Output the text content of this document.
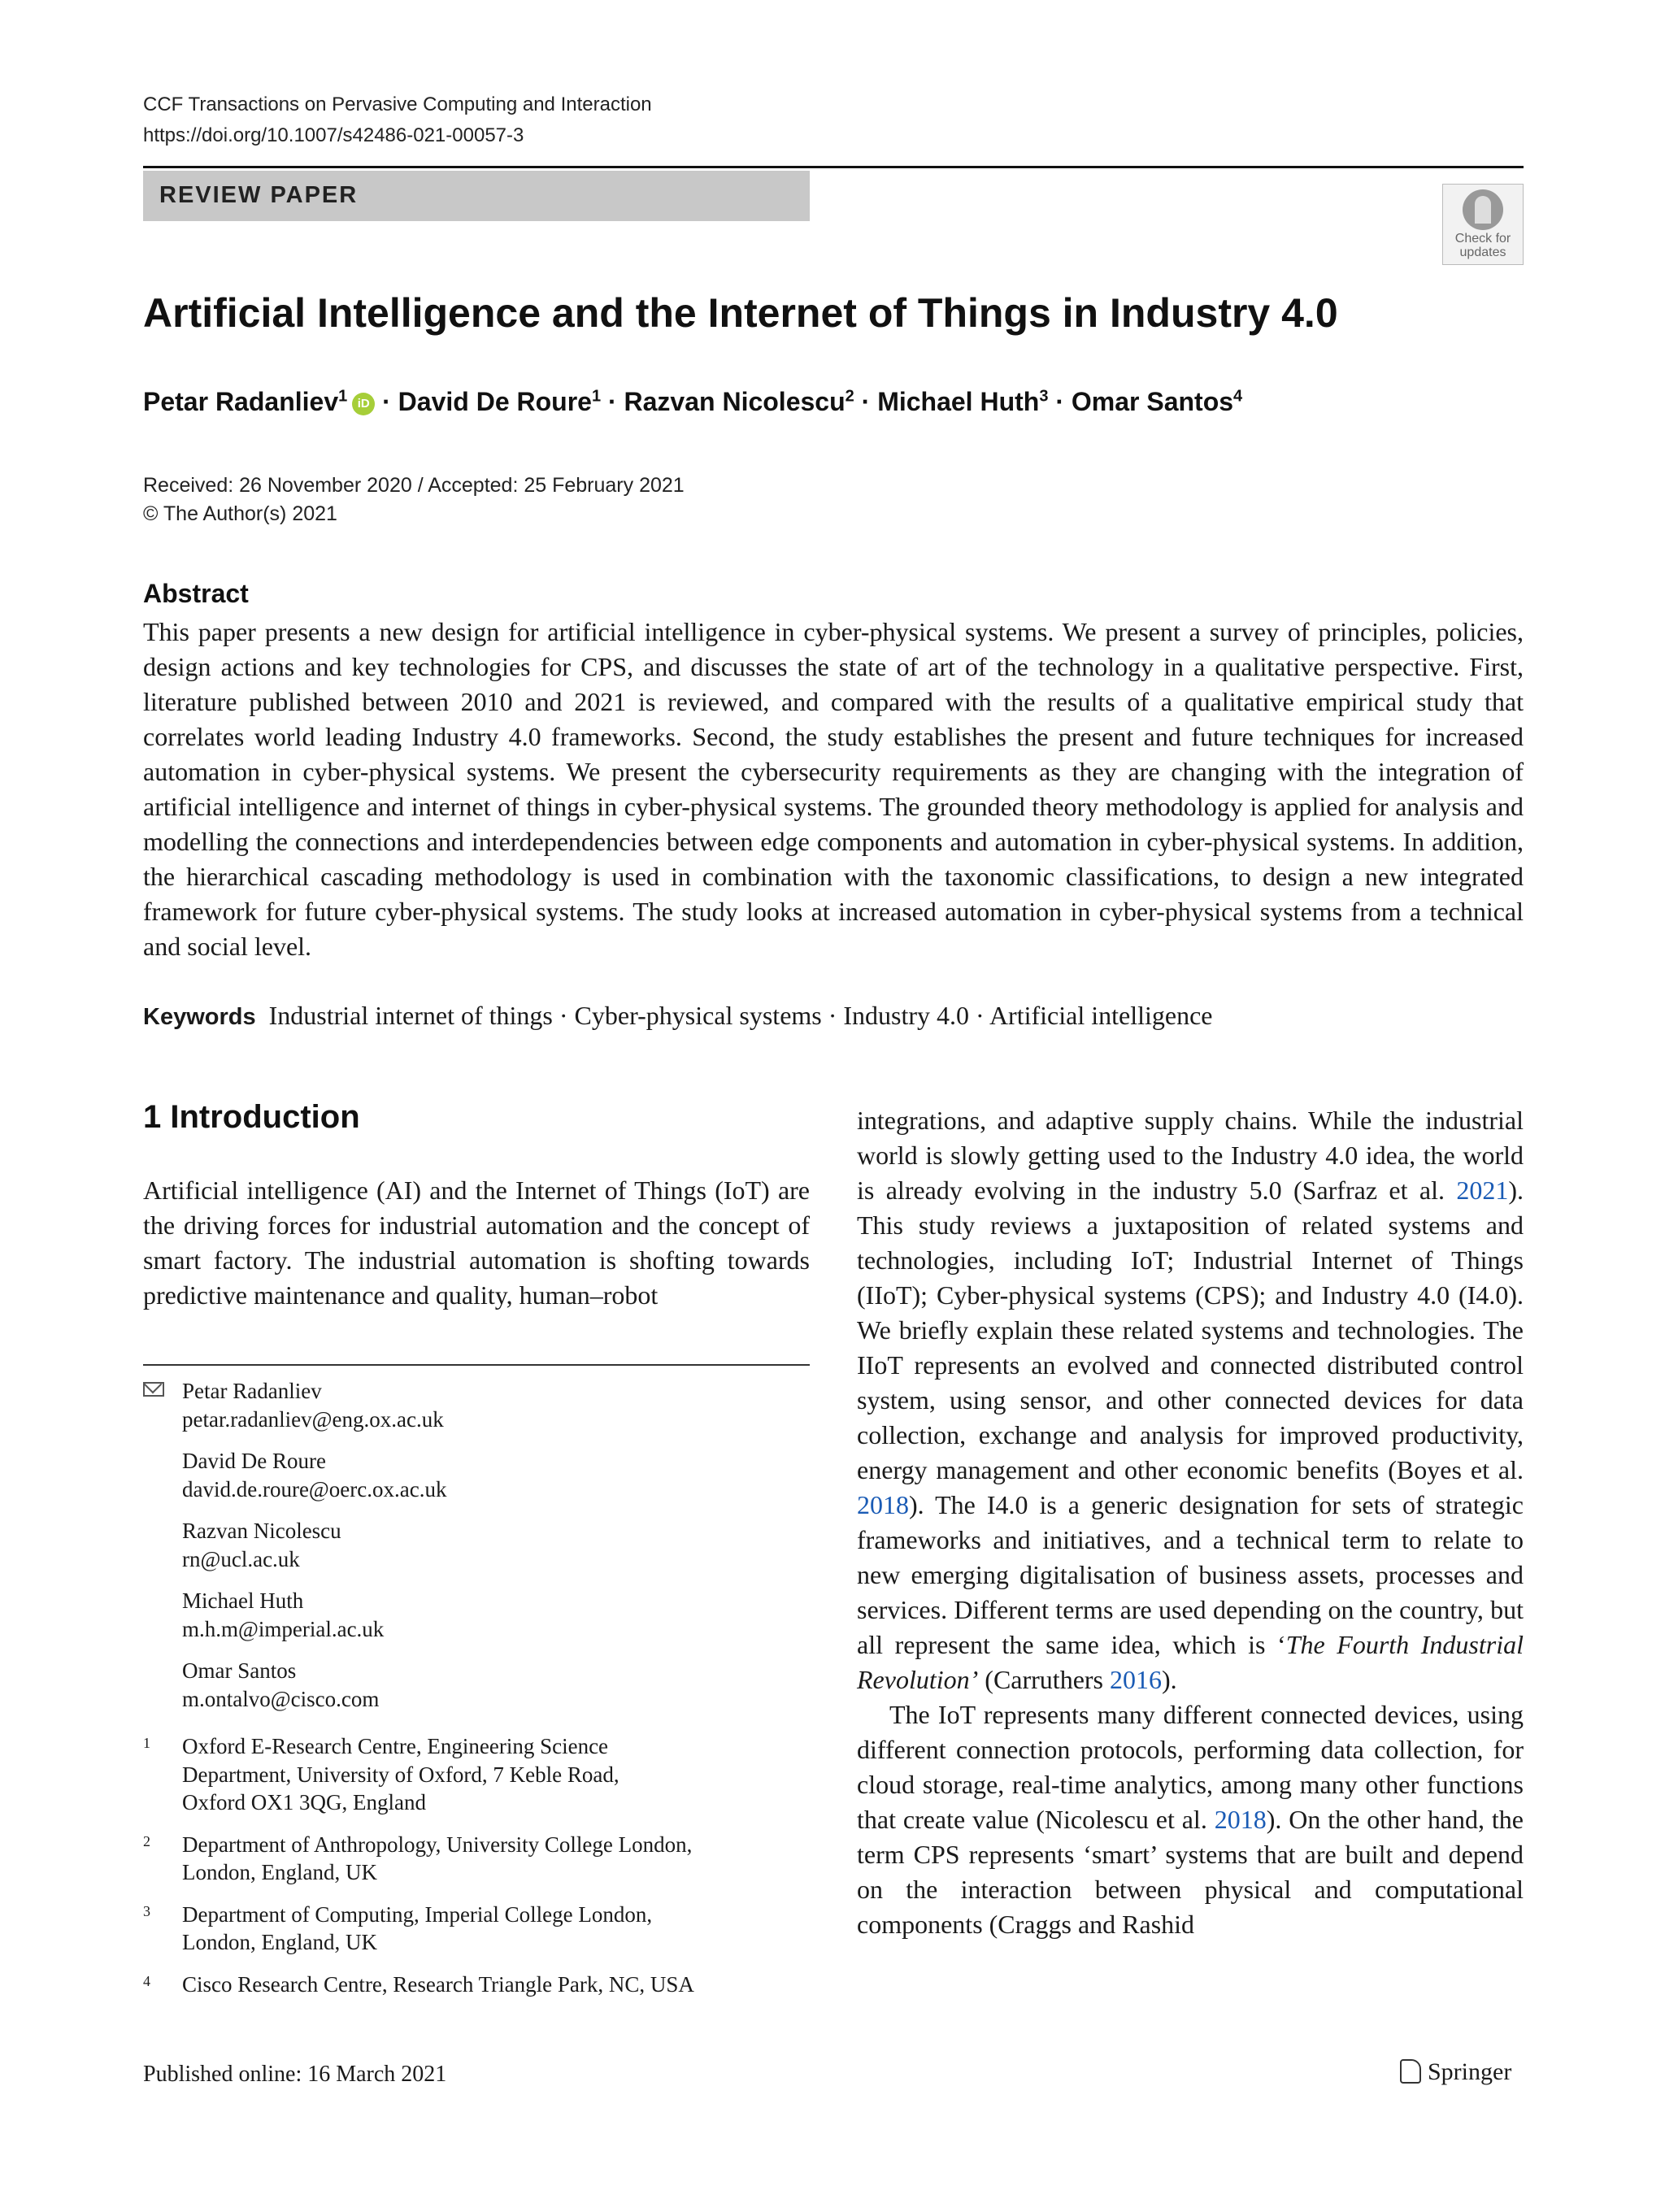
CCF Transactions on Pervasive Computing and Interaction
https://doi.org/10.1007/s42486-021-00057-3
REVIEW PAPER
Check for
updates
Artificial Intelligence and the Internet of Things in Industry 4.0
Petar Radanliev$^1$ iD · David De Roure$^1$ · Razvan Nicolescu$^2$ · Michael Huth$^3$ · Omar Santos$^4$
Received: 26 November 2020 / Accepted: 25 February 2021
© The Author(s) 2021
Abstract
This paper presents a new design for artificial intelligence in cyber-physical systems. We present a survey of principles, policies, design actions and key technologies for CPS, and discusses the state of art of the technology in a qualitative perspective. First, literature published between 2010 and 2021 is reviewed, and compared with the results of a qualitative empirical study that correlates world leading Industry 4.0 frameworks. Second, the study establishes the present and future techniques for increased automation in cyber-physical systems. We present the cybersecurity requirements as they are changing with the integration of artificial intelligence and internet of things in cyber-physical systems. The grounded theory methodology is applied for analysis and modelling the connections and interdependencies between edge components and automation in cyber-physical systems. In addition, the hierarchical cascading methodology is used in combination with the taxonomic classifications, to design a new integrated framework for future cyber-physical systems. The study looks at increased automation in cyber-physical systems from a technical and social level.
Keywords Industrial internet of things · Cyber-physical systems · Industry 4.0 · Artificial intelligence
1 Introduction
Artificial intelligence (AI) and the Internet of Things (IoT) are the driving forces for industrial automation and the concept of smart factory. The industrial automation is shofting towards predictive maintenance and quality, human–robot
Petar Radanliev
petar.radanliev@eng.ox.ac.uk
David De Roure
david.de.roure@oerc.ox.ac.uk
Razvan Nicolescu
rn@ucl.ac.uk
Michael Huth
m.h.m@imperial.ac.uk
Omar Santos
m.ontalvo@cisco.com
1 Oxford E-Research Centre, Engineering Science
Department, University of Oxford, 7 Keble Road,
Oxford OX1 3QG, England
2 Department of Anthropology, University College London,
London, England, UK
3 Department of Computing, Imperial College London,
London, England, UK
4 Cisco Research Centre, Research Triangle Park, NC, USA

integrations, and adaptive supply chains. While the industrial world is slowly getting used to the Industry 4.0 idea, the world is already evolving in the industry 5.0 (Sarfraz et al. 2021). This study reviews a juxtaposition of related systems and technologies, including IoT; Industrial Internet of Things (IIoT); Cyber-physical systems (CPS); and Industry 4.0 (I4.0). We briefly explain these related systems and technologies. The IIoT represents an evolved and connected distributed control system, using sensor, and other connected devices for data collection, exchange and analysis for improved productivity, energy management and other economic benefits (Boyes et al. 2018). The I4.0 is a generic designation for sets of strategic frameworks and initiatives, and a technical term to relate to new emerging digitalisation of business assets, processes and services. Different terms are used depending on the country, but all represent the same idea, which is ‘The Fourth Industrial Revolution’ (Carruthers 2016).

The IoT represents many different connected devices, using different connection protocols, performing data collection, for cloud storage, real-time analytics, among many other functions that create value (Nicolescu et al. 2018). On the other hand, the term CPS represents ‘smart’ systems that are built and depend on the interaction between physical and computational components (Craggs and Rashid

Published online: 16 March 2021	Springer
